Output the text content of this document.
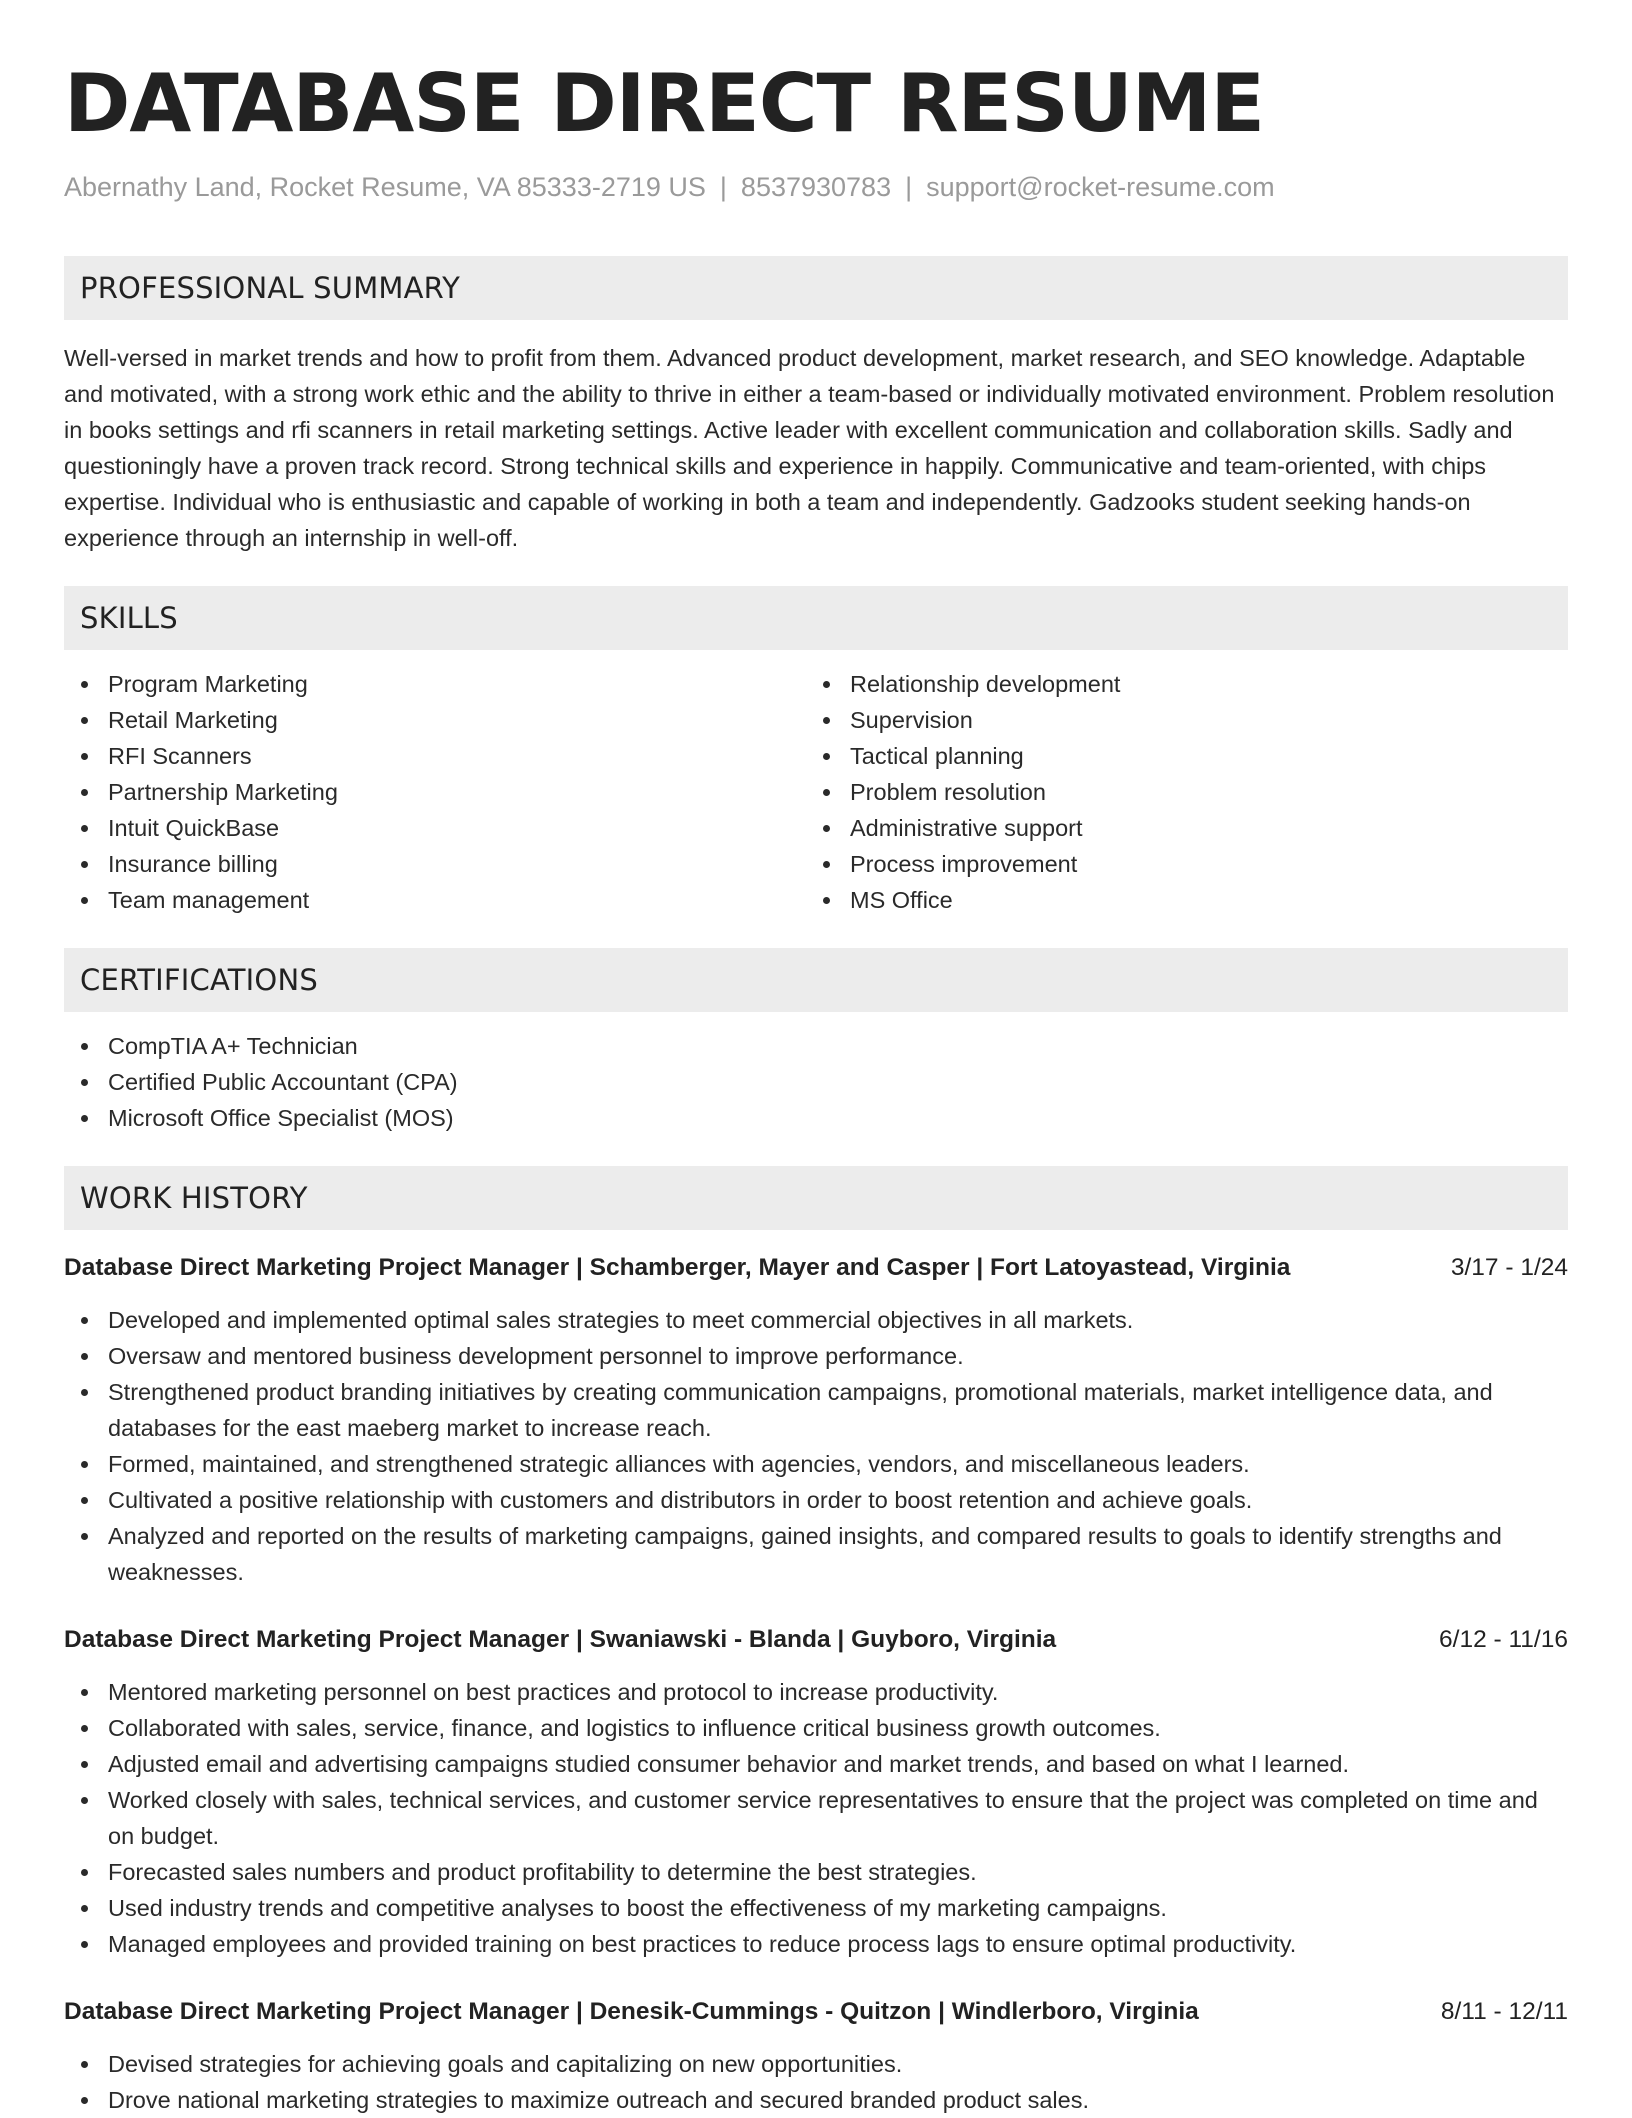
DATABASE DIRECT RESUME
Abernathy Land, Rocket Resume, VA 85333-2719 US | 8537930783 | support@rocket-resume.com
PROFESSIONAL SUMMARY

Well-versed in market trends and how to profit from them. Advanced product development, market research, and SEO knowledge. Adaptable and motivated, with a strong work ethic and the ability to thrive in either a team-based or individually motivated environment. Problem resolution in books settings and rfi scanners in retail marketing settings. Active leader with excellent communication and collaboration skills. Sadly and questioningly have a proven track record. Strong technical skills and experience in happily. Communicative and team-oriented, with chips expertise. Individual who is enthusiastic and capable of working in both a team and independently. Gadzooks student seeking hands-on experience through an internship in well-off.

SKILLS
Program Marketing
Retail Marketing
RFI Scanners
Partnership Marketing
Intuit QuickBase
Insurance billing
Team management
Relationship development
Supervision
Tactical planning
Problem resolution
Administrative support
Process improvement
MS Office
CERTIFICATIONS
CompTIA A+ Technician
Certified Public Accountant (CPA)
Microsoft Office Specialist (MOS)
WORK HISTORY
Database Direct Marketing Project Manager | Schamberger, Mayer and Casper | Fort Latoyastead, Virginia	3/17 - 1/24
Developed and implemented optimal sales strategies to meet commercial objectives in all markets.
Oversaw and mentored business development personnel to improve performance.
Strengthened product branding initiatives by creating communication campaigns, promotional materials, market intelligence data, and databases for the east maeberg market to increase reach.
Formed, maintained, and strengthened strategic alliances with agencies, vendors, and miscellaneous leaders.
Cultivated a positive relationship with customers and distributors in order to boost retention and achieve goals.
Analyzed and reported on the results of marketing campaigns, gained insights, and compared results to goals to identify strengths and weaknesses.
Database Direct Marketing Project Manager | Swaniawski - Blanda | Guyboro, Virginia	6/12 - 11/16
Mentored marketing personnel on best practices and protocol to increase productivity.
Collaborated with sales, service, finance, and logistics to influence critical business growth outcomes.
Adjusted email and advertising campaigns studied consumer behavior and market trends, and based on what I learned.
Worked closely with sales, technical services, and customer service representatives to ensure that the project was completed on time and on budget.
Forecasted sales numbers and product profitability to determine the best strategies.
Used industry trends and competitive analyses to boost the effectiveness of my marketing campaigns.
Managed employees and provided training on best practices to reduce process lags to ensure optimal productivity.
Database Direct Marketing Project Manager | Denesik-Cummings - Quitzon | Windlerboro, Virginia	8/11 - 12/11
Devised strategies for achieving goals and capitalizing on new opportunities.
Drove national marketing strategies to maximize outreach and secured branded product sales.
